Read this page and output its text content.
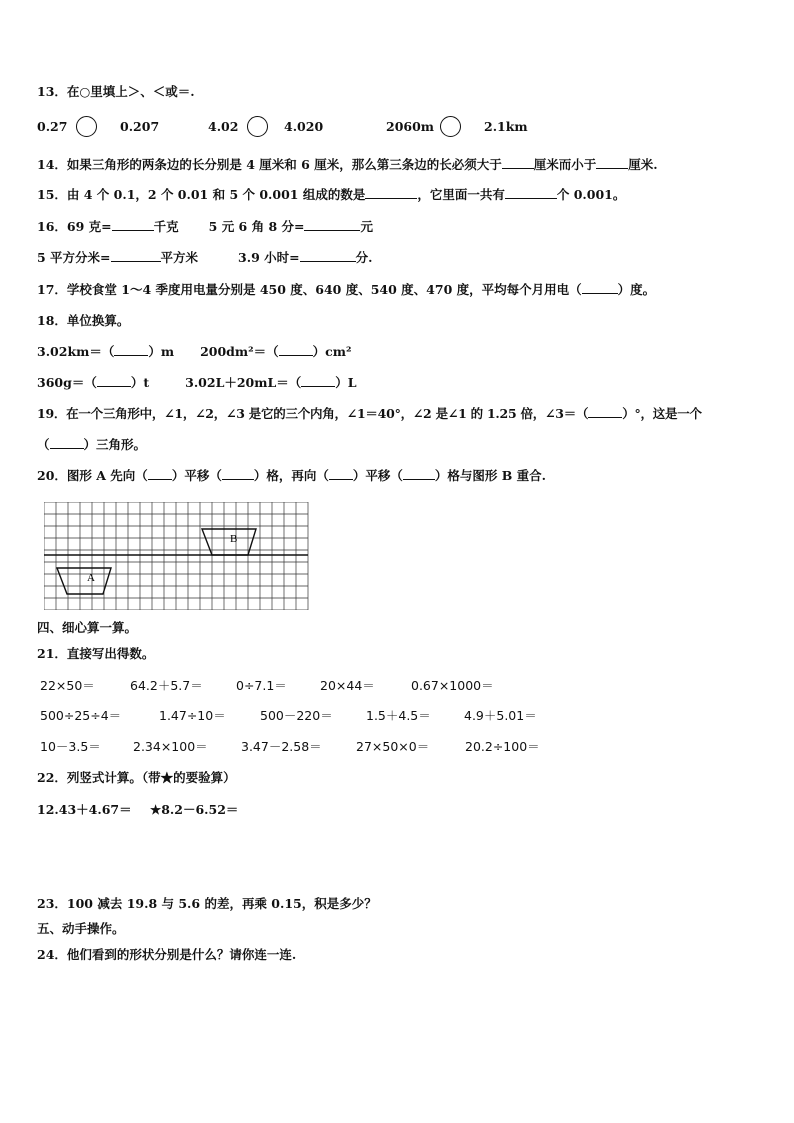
13．在○里填上＞、＜或＝.
0.27	0.207	4.02	4.020	2060m	2.1km
14．如果三角形的两条边的长分别是 4 厘米和 6 厘米，那么第三条边的长必须大于	厘米而小于	厘米.
15．由 4 个 0.1，2 个 0.01 和 5 个 0.001 组成的数是	，它里面一共有	个 0.001。
16．69 克=	千克 5 元 6 角 8 分=	元
5 平方分米=	平方米	3.9 小时=	分.
17．学校食堂 1～4 季度用电量分别是 450 度、640 度、540 度、470 度，平均每个月用电（	）度。
18．单位换算。
3.02km＝（	）m 200dm²＝（	）cm²
360g＝（	）t	3.02L＋20mL＝（	）L
19．在一个三角形中，∠1，∠2，∠3 是它的三个内角，∠1＝40°，∠2 是∠1 的 1.25 倍，∠3＝（	）°，这是一个
（	）三角形。
20．图形 A 先向（ ）平移（	）格，再向（ ）平移（	）格与图形 B 重合.
A
B
四、细心算一算。
21．直接写出得数。
22×50＝	64.2＋5.7＝	0÷7.1＝	20×44＝	0.67×1000＝
500÷25÷4＝	1.47÷10＝	500－220＝	1.5＋4.5＝	4.9＋5.01＝
10－3.5＝	2.34×100＝	3.47－2.58＝	27×50×0＝	20.2÷100＝
22．列竖式计算。（带★的要验算）
12.43＋4.67＝ ★8.2－6.52＝
23．100 减去 19.8 与 5.6 的差，再乘 0.15，积是多少？
五、动手操作。
24．他们看到的形状分别是什么？请你连一连.
